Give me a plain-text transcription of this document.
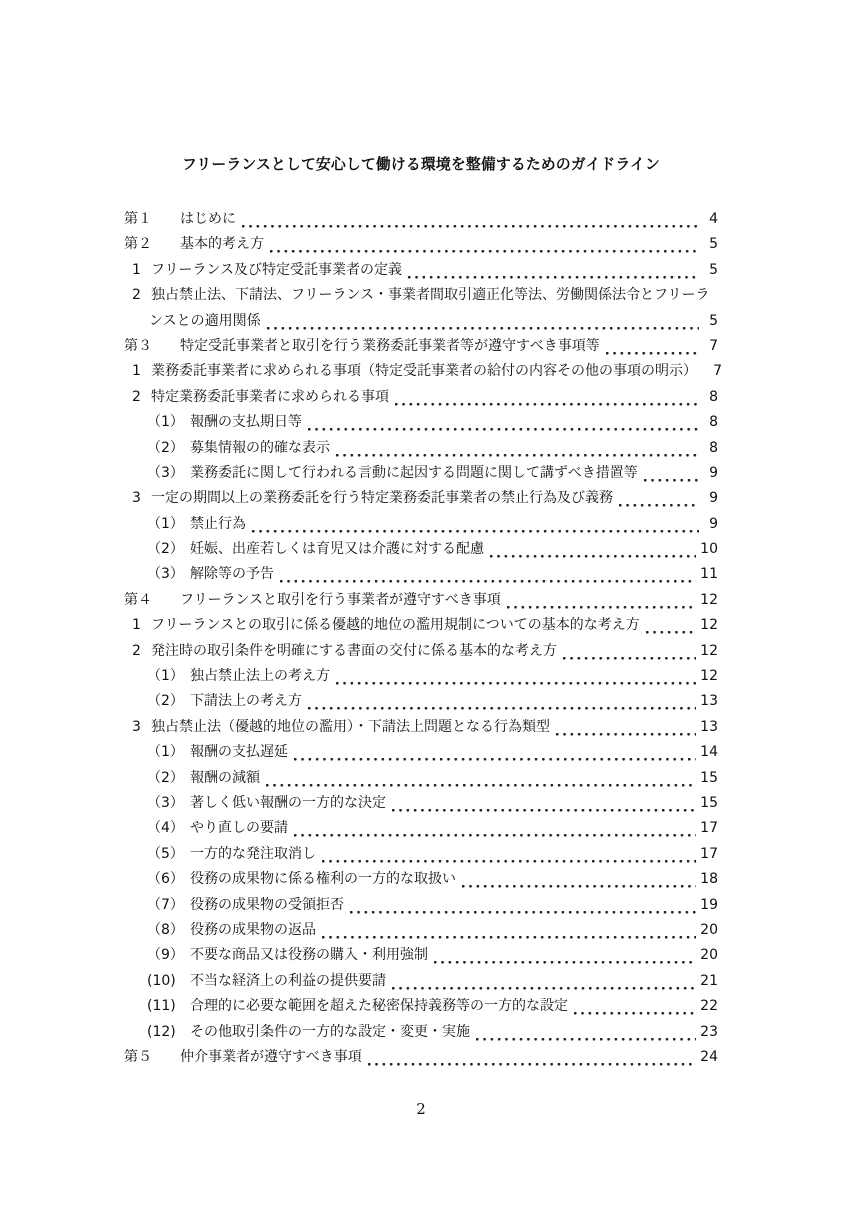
フリーランスとして安心して働ける環境を整備するためのガイドライン
第１	はじめに	4
第２	基本的考え方	5
1 フリーランス及び特定受託事業者の定義	5
2 独占禁止法、下請法、フリーランス・事業者間取引適正化等法、労働関係法令とフリーラ
ンスとの適用関係	5
第３	特定受託事業者と取引を行う業務委託事業者等が遵守すべき事項等	7
1 業務委託事業者に求められる事項（特定受託事業者の給付の内容その他の事項の明示）	7
2 特定業務委託事業者に求められる事項	8
（1） 報酬の支払期日等	8
（2） 募集情報の的確な表示	8
（3） 業務委託に関して行われる言動に起因する問題に関して講ずべき措置等	9
3 一定の期間以上の業務委託を行う特定業務委託事業者の禁止行為及び義務	9
（1） 禁止行為	9
（2） 妊娠、出産若しくは育児又は介護に対する配慮	10
（3） 解除等の予告	11
第４	フリーランスと取引を行う事業者が遵守すべき事項	12
1 フリーランスとの取引に係る優越的地位の濫用規制についての基本的な考え方	12
2 発注時の取引条件を明確にする書面の交付に係る基本的な考え方	12
（1） 独占禁止法上の考え方	12
（2） 下請法上の考え方	13
3 独占禁止法（優越的地位の濫用）・下請法上問題となる行為類型	13
（1） 報酬の支払遅延	14
（2） 報酬の減額	15
（3） 著しく低い報酬の一方的な決定	15
（4） やり直しの要請	17
（5） 一方的な発注取消し	17
（6） 役務の成果物に係る権利の一方的な取扱い	18
（7） 役務の成果物の受領拒否	19
（8） 役務の成果物の返品	20
（9） 不要な商品又は役務の購入・利用強制	20
(10)	不当な経済上の利益の提供要請	21
(11)	合理的に必要な範囲を超えた秘密保持義務等の一方的な設定	22
(12)	その他取引条件の一方的な設定・変更・実施	23
第５	仲介事業者が遵守すべき事項	24
2
